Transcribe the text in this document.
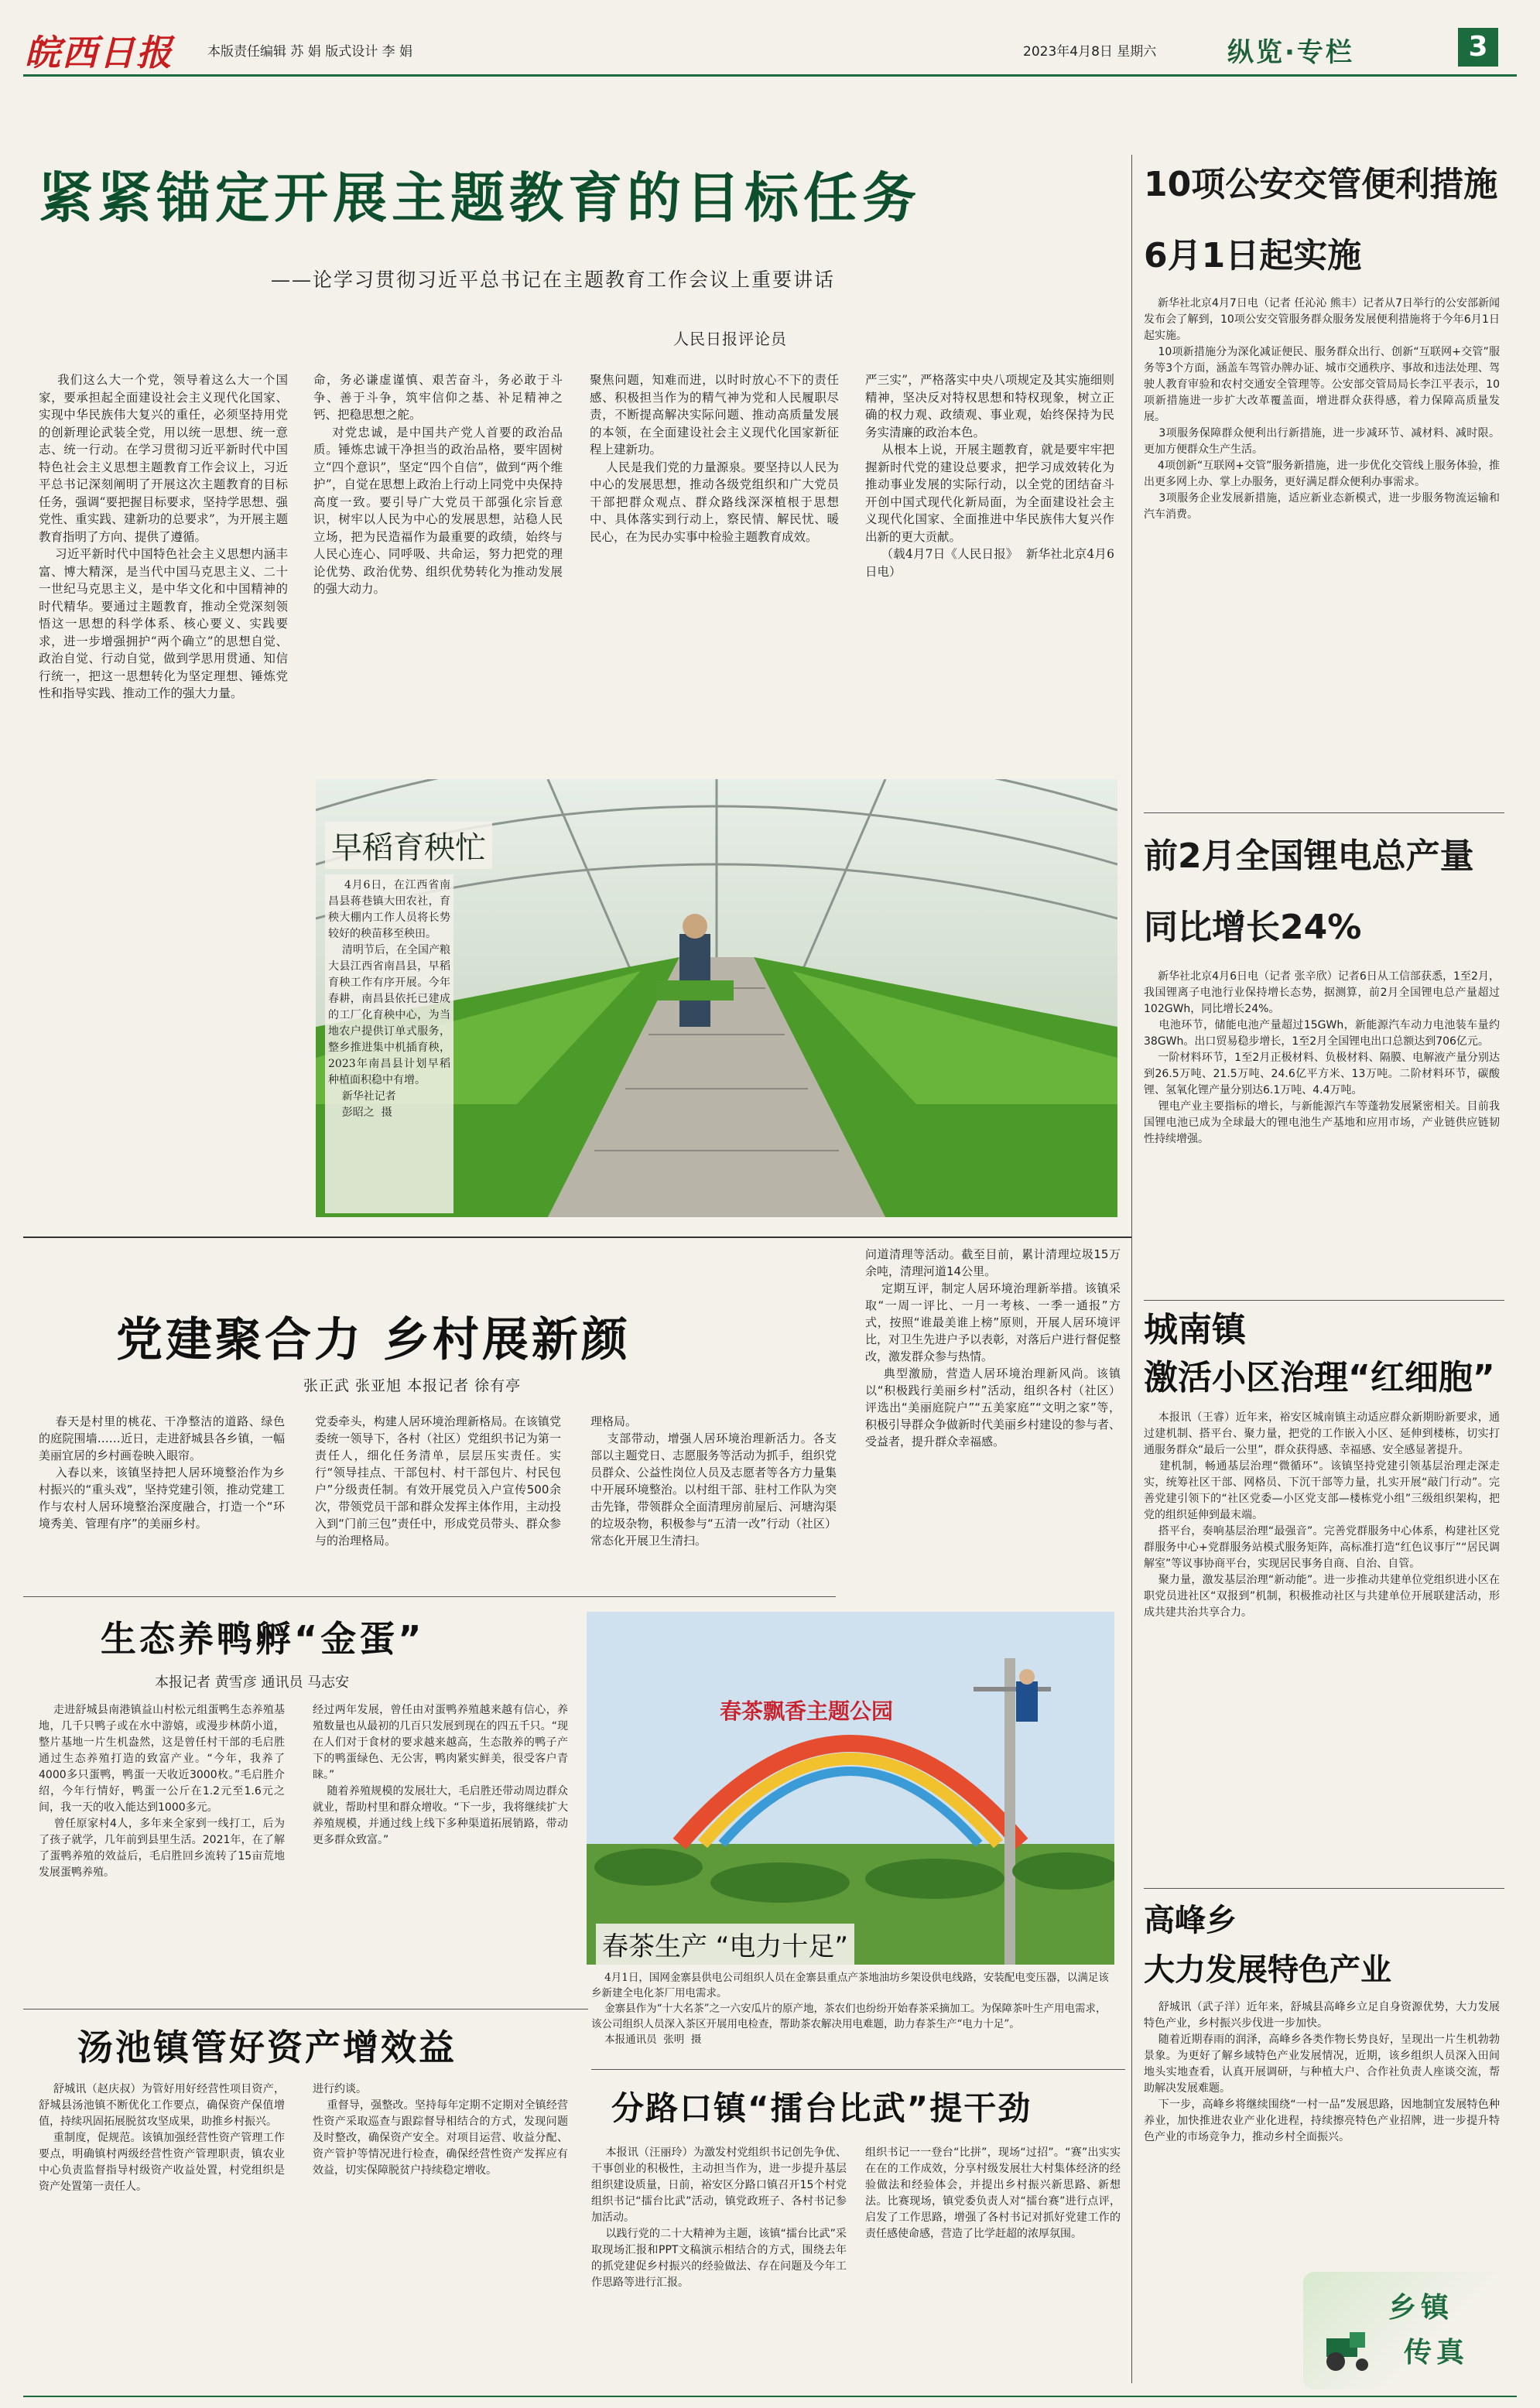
皖西日报	本版责任编辑 苏 娟 版式设计 李 娟	2023年4月8日 星期六	纵览·专栏	3
紧紧锚定开展主题教育的目标任务
——论学习贯彻习近平总书记在主题教育工作会议上重要讲话
人民日报评论员

我们这么大一个党，领导着这么大一个国家，要承担起全面建设社会主义现代化国家、实现中华民族伟大复兴的重任，必须坚持用党的创新理论武装全党，用以统一思想、统一意志、统一行动。在学习贯彻习近平新时代中国特色社会主义思想主题教育工作会议上，习近平总书记深刻阐明了开展这次主题教育的目标任务，强调“要把握目标要求，坚持学思想、强党性、重实践、建新功的总要求”，为开展主题教育指明了方向、提供了遵循。
习近平新时代中国特色社会主义思想内涵丰富、博大精深，是当代中国马克思主义、二十一世纪马克思主义，是中华文化和中国精神的时代精华。要通过主题教育，推动全党深刻领悟这一思想的科学体系、核心要义、实践要求，进一步增强拥护“两个确立”的思想自觉、政治自觉、行动自觉，做到学思用贯通、知信行统一，把这一思想转化为坚定理想、锤炼党性和指导实践、推动工作的强大力量。

命，务必谦虚谨慎、艰苦奋斗，务必敢于斗争、善于斗争，筑牢信仰之基、补足精神之钙、把稳思想之舵。
对党忠诚，是中国共产党人首要的政治品质。锤炼忠诚干净担当的政治品格，要牢固树立“四个意识”，坚定“四个自信”，做到“两个维护”，自觉在思想上政治上行动上同党中央保持高度一致。要引导广大党员干部强化宗旨意识，树牢以人民为中心的发展思想，站稳人民立场，把为民造福作为最重要的政绩，始终与人民心连心、同呼吸、共命运，努力把党的理论优势、政治优势、组织优势转化为推动发展的强大动力。

聚焦问题，知难而进，以时时放心不下的责任感、积极担当作为的精气神为党和人民履职尽责，不断提高解决实际问题、推动高质量发展的本领，在全面建设社会主义现代化国家新征程上建新功。
人民是我们党的力量源泉。要坚持以人民为中心的发展思想，推动各级党组织和广大党员干部把群众观点、群众路线深深植根于思想中、具体落实到行动上，察民情、解民忧、暖民心，在为民办实事中检验主题教育成效。

严三实”，严格落实中央八项规定及其实施细则精神，坚决反对特权思想和特权现象，树立正确的权力观、政绩观、事业观，始终保持为民务实清廉的政治本色。
从根本上说，开展主题教育，就是要牢牢把握新时代党的建设总要求，把学习成效转化为推动事业发展的实际行动，以全党的团结奋斗开创中国式现代化新局面，为全面建设社会主义现代化国家、全面推进中华民族伟大复兴作出新的更大贡献。
（载4月7日《人民日报》  新华社北京4月6日电）

早稻育秧忙

4月6日，在江西省南昌县蒋巷镇大田农社，育秧大棚内工作人员将长势较好的秧苗移至秧田。
清明节后，在全国产粮大县江西省南昌县，早稻育秧工作有序开展。今年春耕，南昌县依托已建成的工厂化育秧中心，为当地农户提供订单式服务，整乡推进集中机插育秧，2023年南昌县计划早稻种植面积稳中有增。
新华社记者
彭昭之  摄

10项公安交管便利措施
6月1日起实施

新华社北京4月7日电（记者 任沁沁 熊丰）记者从7日举行的公安部新闻发布会了解到，10项公安交管服务群众服务发展便利措施将于今年6月1日起实施。
10项新措施分为深化减证便民、服务群众出行、创新“互联网+交管”服务等3个方面，涵盖车驾管办牌办证、城市交通秩序、事故和违法处理、驾驶人教育审验和农村交通安全管理等。公安部交管局局长李江平表示，10项新措施进一步扩大改革覆盖面，增进群众获得感，着力保障高质量发展。
3项服务保障群众便利出行新措施，进一步减环节、减材料、减时限。更加方便群众生产生活。
4项创新“互联网+交管”服务新措施，进一步优化交管线上服务体验，推出更多网上办、掌上办服务，更好满足群众便利办事需求。
3项服务企业发展新措施，适应新业态新模式，进一步服务物流运输和汽车消费。

前2月全国锂电总产量
同比增长24%

新华社北京4月6日电（记者 张辛欣）记者6日从工信部获悉，1至2月，我国锂离子电池行业保持增长态势，据测算，前2月全国锂电总产量超过102GWh，同比增长24%。
电池环节，储能电池产量超过15GWh，新能源汽车动力电池装车量约38GWh。出口贸易稳步增长，1至2月全国锂电出口总额达到706亿元。
一阶材料环节，1至2月正极材料、负极材料、隔膜、电解液产量分别达到26.5万吨、21.5万吨、24.6亿平方米、13万吨。二阶材料环节，碳酸锂、氢氧化锂产量分别达6.1万吨、4.4万吨。
锂电产业主要指标的增长，与新能源汽车等蓬勃发展紧密相关。目前我国锂电池已成为全球最大的锂电池生产基地和应用市场，产业链供应链韧性持续增强。

党建聚合力 乡村展新颜
张正武 张亚旭 本报记者 徐有亭

春天是村里的桃花、干净整洁的道路、绿色的庭院围墙……近日，走进舒城县各乡镇，一幅美丽宜居的乡村画卷映入眼帘。
入春以来，该镇坚持把人居环境整治作为乡村振兴的“重头戏”，坚持党建引领，推动党建工作与农村人居环境整治深度融合，打造一个“环境秀美、管理有序”的美丽乡村。

党委牵头，构建人居环境治理新格局。在该镇党委统一领导下，各村（社区）党组织书记为第一责任人，细化任务清单，层层压实责任。实行“领导挂点、干部包村、村干部包片、村民包户”分级责任制。有效开展党员入户宣传500余次，带领党员干部和群众发挥主体作用，主动投入到“门前三包”责任中，形成党员带头、群众参与的治理格局。

理格局。
支部带动，增强人居环境治理新活力。各支部以主题党日、志愿服务等活动为抓手，组织党员群众、公益性岗位人员及志愿者等各方力量集中开展环境整治。以村组干部、驻村工作队为突击先锋，带领群众全面清理房前屋后、河塘沟渠的垃圾杂物，积极参与“五清一改”行动（社区）常态化开展卫生清扫。

问道清理等活动。截至目前，累计清理垃圾15万余吨，清理河道14公里。
定期互评，制定人居环境治理新举措。该镇采取“一周一评比、一月一考核、一季一通报”方式，按照“谁最美谁上榜”原则，开展人居环境评比，对卫生先进户予以表彰，对落后户进行督促整改，激发群众参与热情。
典型激励，营造人居环境治理新风尚。该镇以“积极践行美丽乡村”活动，组织各村（社区）评选出“美丽庭院户”“五美家庭”“文明之家”等，积极引导群众争做新时代美丽乡村建设的参与者、受益者，提升群众幸福感。

生态养鸭孵“金蛋”
本报记者 黄雪彦 通讯员 马志安

走进舒城县南港镇益山村松元组蛋鸭生态养殖基地，几千只鸭子或在水中游嬉，或漫步林荫小道，整片基地一片生机盎然，这是曾任村干部的毛启胜通过生态养殖打造的致富产业。“今年，我养了4000多只蛋鸭，鸭蛋一天收近3000枚。”毛启胜介绍，今年行情好，鸭蛋一公斤在1.2元至1.6元之间，我一天的收入能达到1000多元。
曾任原家村4人，多年来全家到一线打工，后为了孩子就学，几年前到县里生活。2021年，在了解了蛋鸭养殖的效益后，毛启胜回乡流转了15亩荒地发展蛋鸭养殖。

经过两年发展，曾任由对蛋鸭养殖越来越有信心，养殖数量也从最初的几百只发展到现在的四五千只。“现在人们对于食材的要求越来越高，生态散养的鸭子产下的鸭蛋绿色、无公害，鸭肉紧实鲜美，很受客户青睐。”
随着养殖规模的发展壮大，毛启胜还带动周边群众就业，帮助村里和群众增收。“下一步，我将继续扩大养殖规模，并通过线上线下多种渠道拓展销路，带动更多群众致富。”

汤池镇管好资产增效益

舒城讯（赵庆叔）为管好用好经营性项目资产，舒城县汤池镇不断优化工作要点，确保资产保值增值，持续巩固拓展脱贫攻坚成果，助推乡村振兴。
重制度，促规范。该镇加强经营性资产管理工作要点，明确镇村两级经营性资产管理职责，镇农业中心负责监督指导村级资产收益处置，村党组织是资产处置第一责任人。

进行约谈。
重督导，强整改。坚持每年定期不定期对全镇经营性资产采取巡查与跟踪督导相结合的方式，发现问题及时整改，确保资产安全。对项目运营、收益分配、资产管护等情况进行检查，确保经营性资产发挥应有效益，切实保障脱贫户持续稳定增收。

春茶飘香主题公园
春茶生产 “电力十足”

4月1日，国网金寨县供电公司组织人员在金寨县重点产茶地油坊乡架设供电线路，安装配电变压器，以满足该乡新建全电化茶厂用电需求。
金寨县作为“十大名茶”之一六安瓜片的原产地，茶农们也纷纷开始春茶采摘加工。为保障茶叶生产用电需求，该公司组织人员深入茶区开展用电检查，帮助茶农解决用电难题，助力春茶生产“电力十足”。
本报通讯员  张明  摄

分路口镇“擂台比武”提干劲

本报讯（汪丽玲）为激发村党组织书记创先争优、干事创业的积极性，主动担当作为，进一步提升基层组织建设质量，日前，裕安区分路口镇召开15个村党组织书记“擂台比武”活动，镇党政班子、各村书记参加活动。
以践行党的二十大精神为主题，该镇“擂台比武”采取现场汇报和PPT文稿演示相结合的方式，围绕去年的抓党建促乡村振兴的经验做法、存在问题及今年工作思路等进行汇报。

组织书记一一登台“比拼”，现场“过招”。“赛”出实实在在的工作成效，分享村级发展壮大村集体经济的经验做法和经验体会，并提出乡村振兴新思路、新想法。比赛现场，镇党委负责人对“擂台赛”进行点评，启发了工作思路，增强了各村书记对抓好党建工作的责任感使命感，营造了比学赶超的浓厚氛围。

城南镇
激活小区治理“红细胞”

本报讯（王睿）近年来，裕安区城南镇主动适应群众新期盼新要求，通过建机制、搭平台、聚力量，把党的工作嵌入小区、延伸到楼栋，切实打通服务群众“最后一公里”，群众获得感、幸福感、安全感显著提升。
建机制，畅通基层治理“微循环”。该镇坚持党建引领基层治理走深走实，统筹社区干部、网格员、下沉干部等力量，扎实开展“敲门行动”。完善党建引领下的“社区党委—小区党支部—楼栋党小组”三级组织架构，把党的组织延伸到最末端。
搭平台，奏响基层治理“最强音”。完善党群服务中心体系，构建社区党群服务中心+党群服务站模式服务矩阵，高标准打造“红色议事厅”“居民调解室”等议事协商平台，实现居民事务自商、自治、自管。
聚力量，激发基层治理“新动能”。进一步推动共建单位党组织进小区在职党员进社区“双报到”机制，积极推动社区与共建单位开展联建活动，形成共建共治共享合力。

高峰乡
大力发展特色产业

舒城讯（武子洋）近年来，舒城县高峰乡立足自身资源优势，大力发展特色产业，乡村振兴步伐进一步加快。
随着近期春雨的润泽，高峰乡各类作物长势良好，呈现出一片生机勃勃景象。为更好了解乡域特色产业发展情况，近期，该乡组织人员深入田间地头实地查看，认真开展调研，与种植大户、合作社负责人座谈交流，帮助解决发展难题。
下一步，高峰乡将继续围绕“一村一品”发展思路，因地制宜发展特色种养业，加快推进农业产业化进程，持续擦亮特色产业招牌，进一步提升特色产业的市场竞争力，推动乡村全面振兴。

乡镇
传真
